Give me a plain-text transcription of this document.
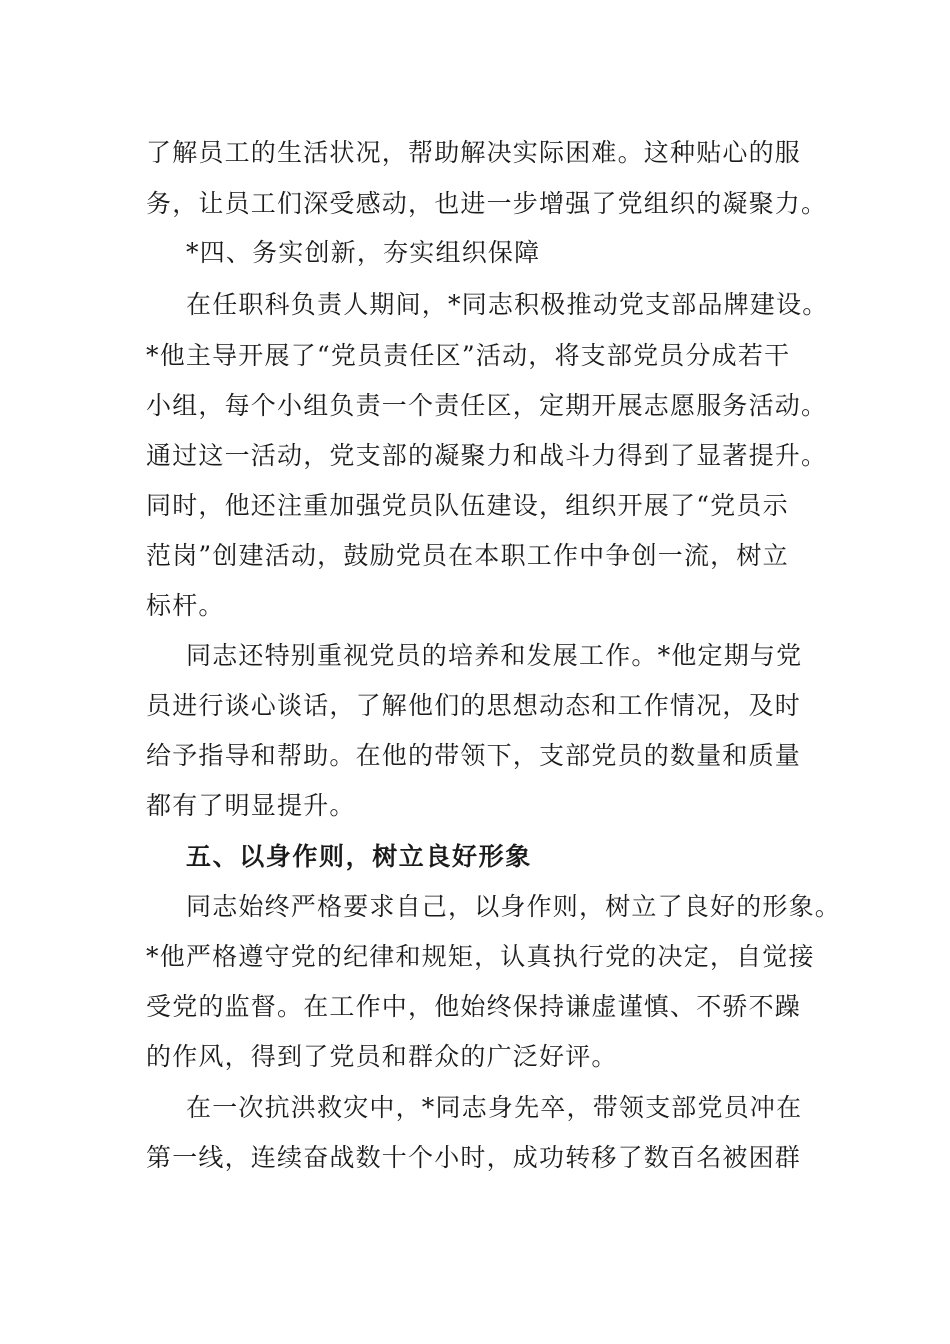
了解员工的生活状况，帮助解决实际困难。这种贴心的服
务，让员工们深受感动，也进一步增强了党组织的凝聚力。
*四、务实创新，夯实组织保障
在任职科负责人期间，*同志积极推动党支部品牌建设。
*他主导开展了“党员责任区”活动，将支部党员分成若干
小组，每个小组负责一个责任区，定期开展志愿服务活动。
通过这一活动，党支部的凝聚力和战斗力得到了显著提升。
同时，他还注重加强党员队伍建设，组织开展了“党员示
范岗”创建活动，鼓励党员在本职工作中争创一流，树立
标杆。
同志还特别重视党员的培养和发展工作。*他定期与党
员进行谈心谈话，了解他们的思想动态和工作情况，及时
给予指导和帮助。在他的带领下，支部党员的数量和质量
都有了明显提升。
五、以身作则，树立良好形象
同志始终严格要求自己，以身作则，树立了良好的形象。
*他严格遵守党的纪律和规矩，认真执行党的决定，自觉接
受党的监督。在工作中，他始终保持谦虚谨慎、不骄不躁
的作风，得到了党员和群众的广泛好评。
在一次抗洪救灾中，*同志身先卒，带领支部党员冲在
第一线，连续奋战数十个小时，成功转移了数百名被困群
